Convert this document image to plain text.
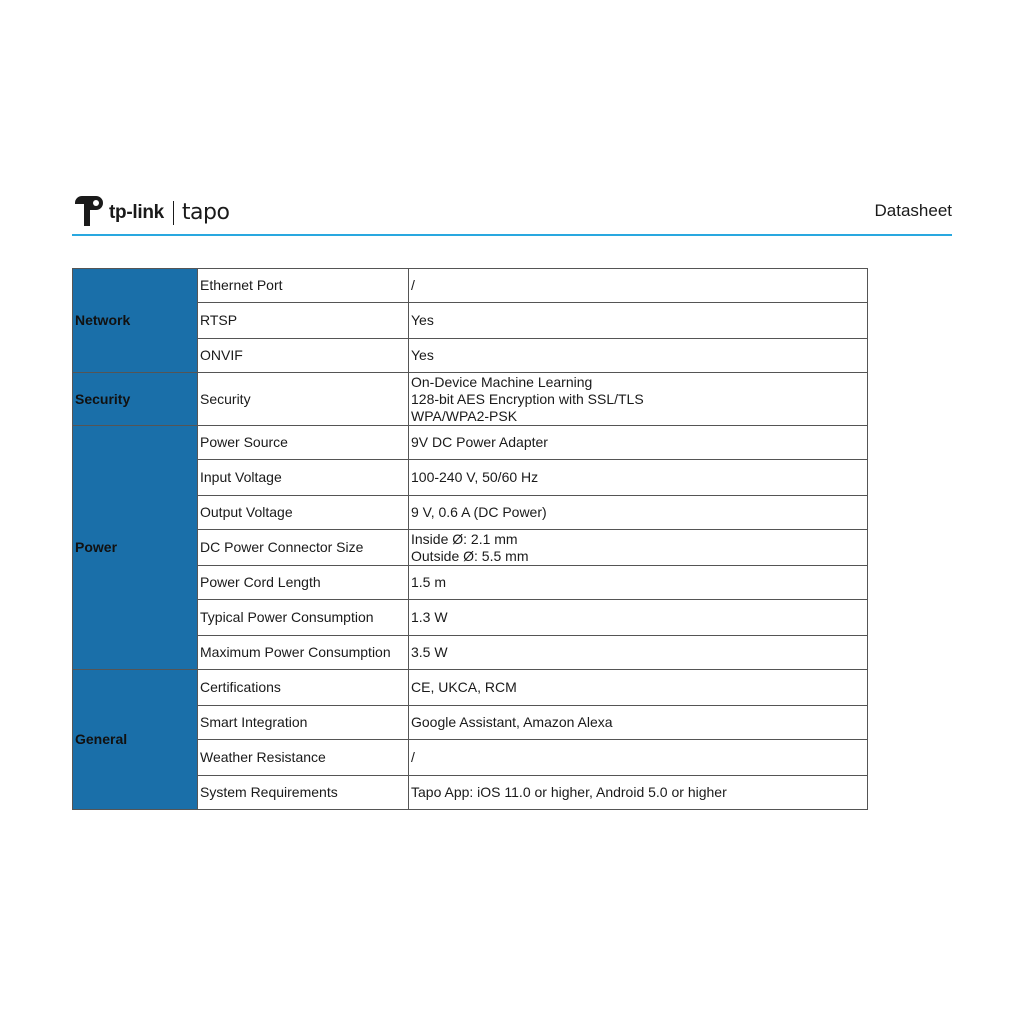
tp-link tapo	Datasheet
Network	Ethernet Port	/
	RTSP	Yes
	ONVIF	Yes
Security	Security	On-Device Machine Learning
128-bit AES Encryption with SSL/TLS
WPA/WPA2-PSK

Power	Power Source	9V DC Power Adapter
	Input Voltage	100-240 V, 50/60 Hz
	Output Voltage	9 V, 0.6 A (DC Power)
	DC Power Connector Size	Inside Ø: 2.1 mm
Outside Ø: 5.5 mm

	Power Cord Length	1.5 m
	Typical Power Consumption	1.3 W
	Maximum Power Consumption	3.5 W
General	Certifications	CE, UKCA, RCM
	Smart Integration	Google Assistant, Amazon Alexa
	Weather Resistance	/
	System Requirements	Tapo App: iOS 11.0 or higher, Android 5.0 or higher
